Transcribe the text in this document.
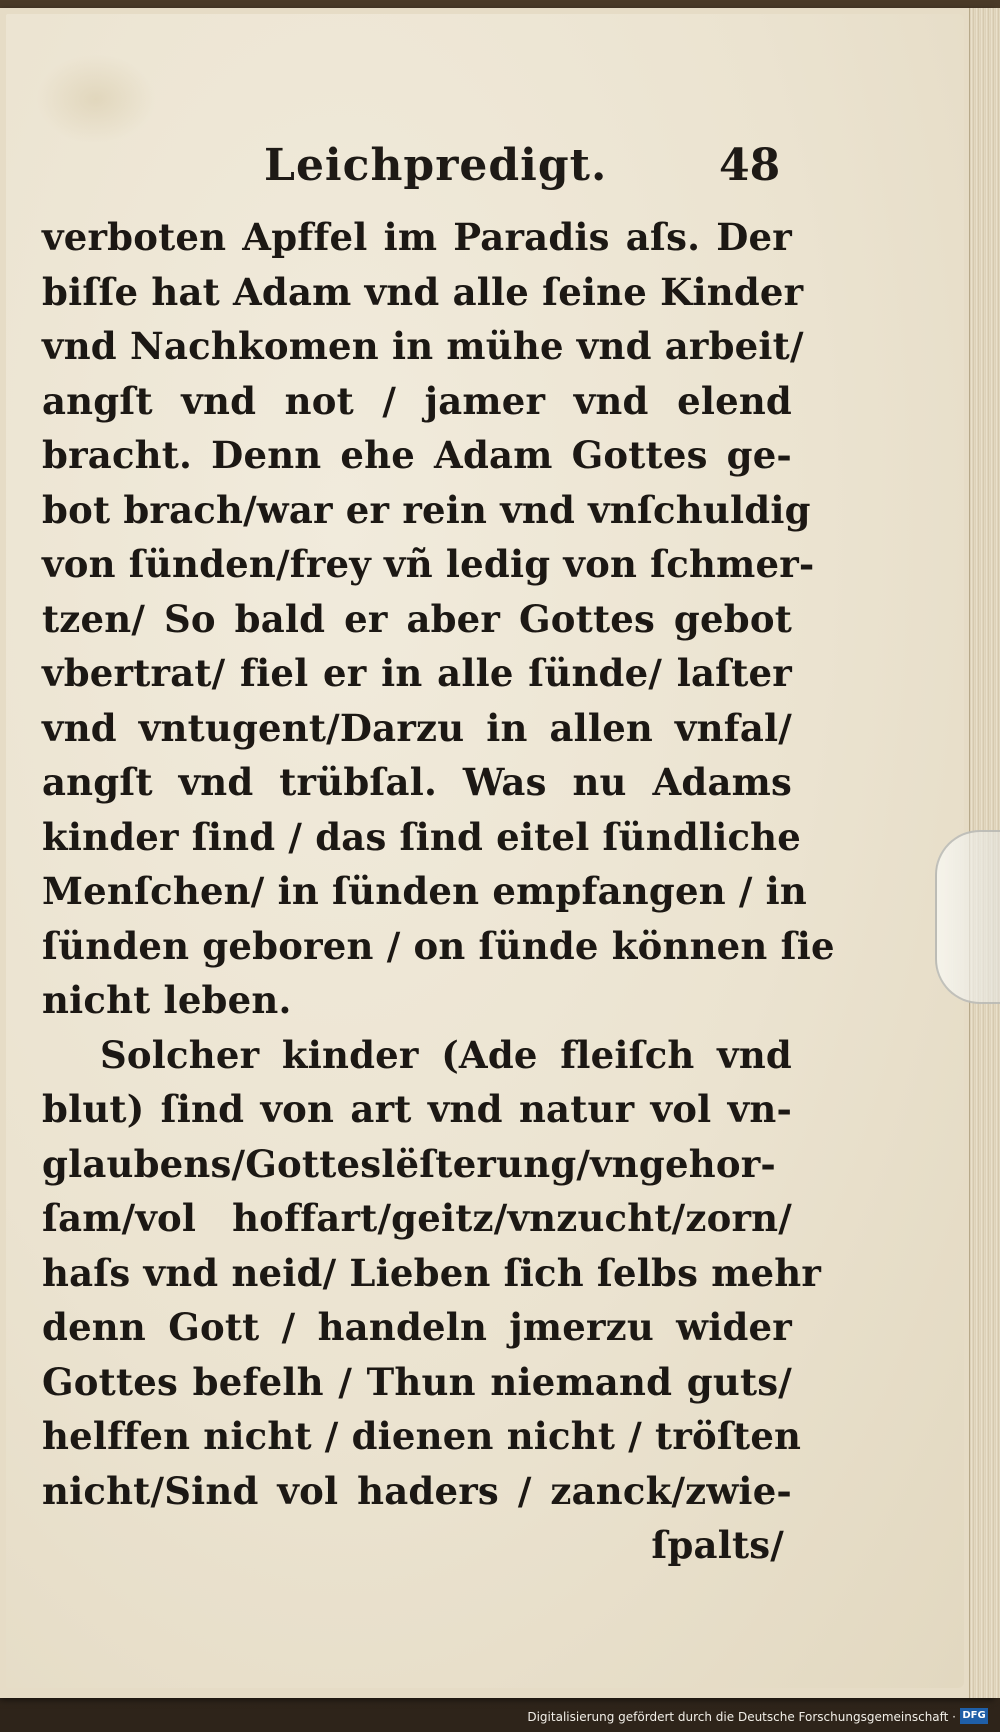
Leichpredigt.	48
verboten Apffel im Paradis aſs. Der
biſſe hat Adam vnd alle ſeine Kinder
vnd Nachkomen in mühe vnd arbeit/
angſt vnd not / jamer vnd elend
bracht. Denn ehe Adam Gottes ge-
bot brach/war er rein vnd vnſchuldig
von ſünden/frey vñ ledig von ſchmer-
tzen/ So bald er aber Gottes gebot
vbertrat/ fiel er in alle ſünde/ laſter
vnd vntugent/Darzu in allen vnfal/
angſt vnd trübſal. Was nu Adams
kinder ſind / das ſind eitel ſündliche
Menſchen/ in ſünden empfangen / in
ſünden geboren / on ſünde können ſie
nicht leben.
Solcher kinder (Ade fleiſch vnd
blut) ſind von art vnd natur vol vn-
glaubens/Gotteslëſterung/vngehor-
ſam/vol hoffart/geitz/vnzucht/zorn/
haſs vnd neid/ Lieben ſich ſelbs mehr
denn Gott / handeln jmerzu wider
Gottes befelh / Thun niemand guts/
helffen nicht / dienen nicht / tröſten
nicht/Sind vol haders / zanck/zwie-
ſpalts/
Digitalisierung gefördert durch die Deutsche Forschungsgemeinschaft · DFG
